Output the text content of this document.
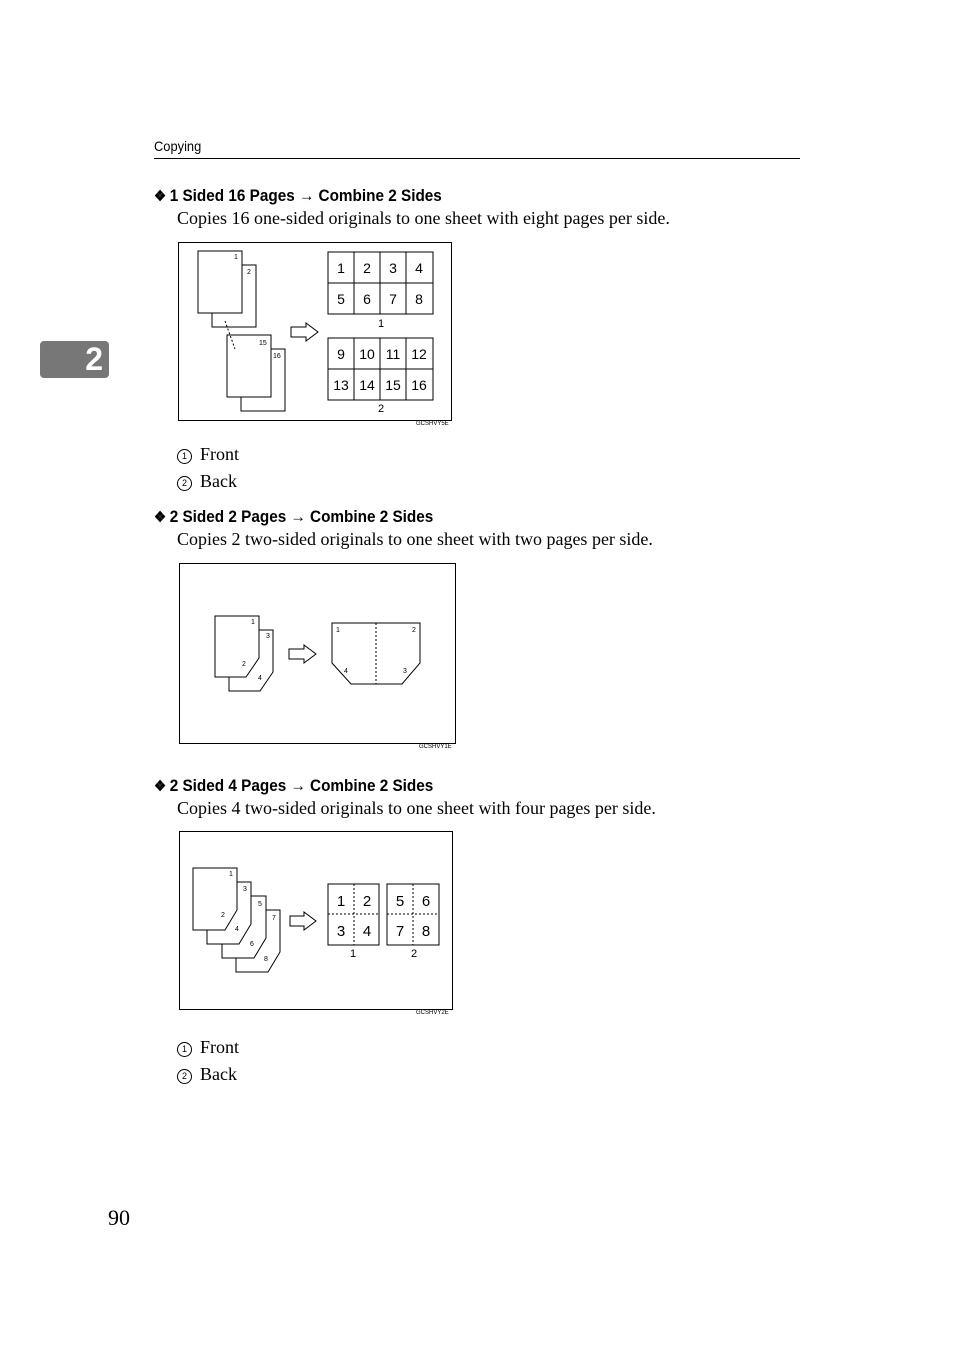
Copying
2
❖ 1 Sided 16 Pages → Combine 2 Sides
Copies 16 one-sided originals to one sheet with eight pages per side.
1
2
15
16
1 2 3 4
5 6 7 8
9 10 11 12
13 14 15 16
1
2
GCSHVY5E
1 Front
2 Back
❖ 2 Sided 2 Pages → Combine 2 Sides
Copies 2 two-sided originals to one sheet with two pages per side.
1
3
2
4
1	2
4	3
GCSHVY1E
❖ 2 Sided 4 Pages → Combine 2 Sides
Copies 4 two-sided originals to one sheet with four pages per side.
1
3
5
7
2
4
6
8
1 2
3 4
5 6
7 8
1	2
GCSHVY2E
1 Front
2 Back
90
